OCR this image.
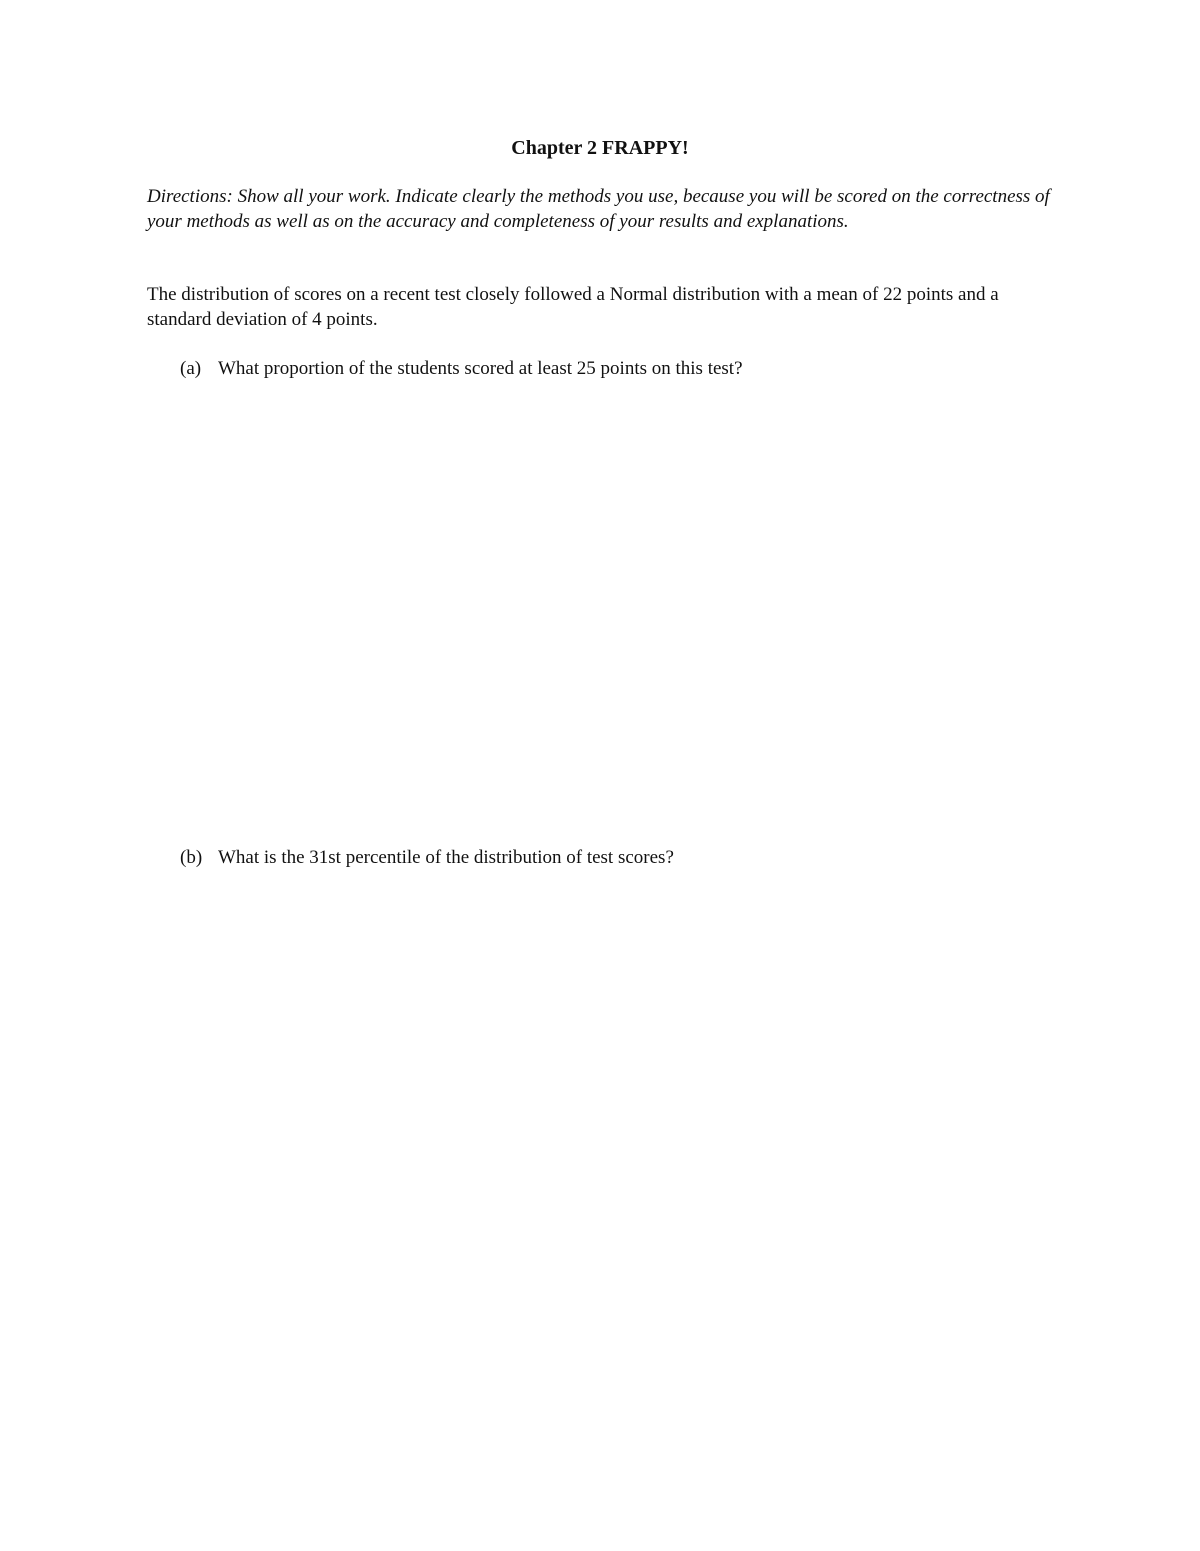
Chapter 2 FRAPPY!
Directions: Show all your work. Indicate clearly the methods you use, because you will be scored on the correctness of your methods as well as on the accuracy and completeness of your results and explanations.
The distribution of scores on a recent test closely followed a Normal distribution with a mean of 22 points and a standard deviation of 4 points.
(a) What proportion of the students scored at least 25 points on this test?
(b) What is the 31st percentile of the distribution of test scores?
